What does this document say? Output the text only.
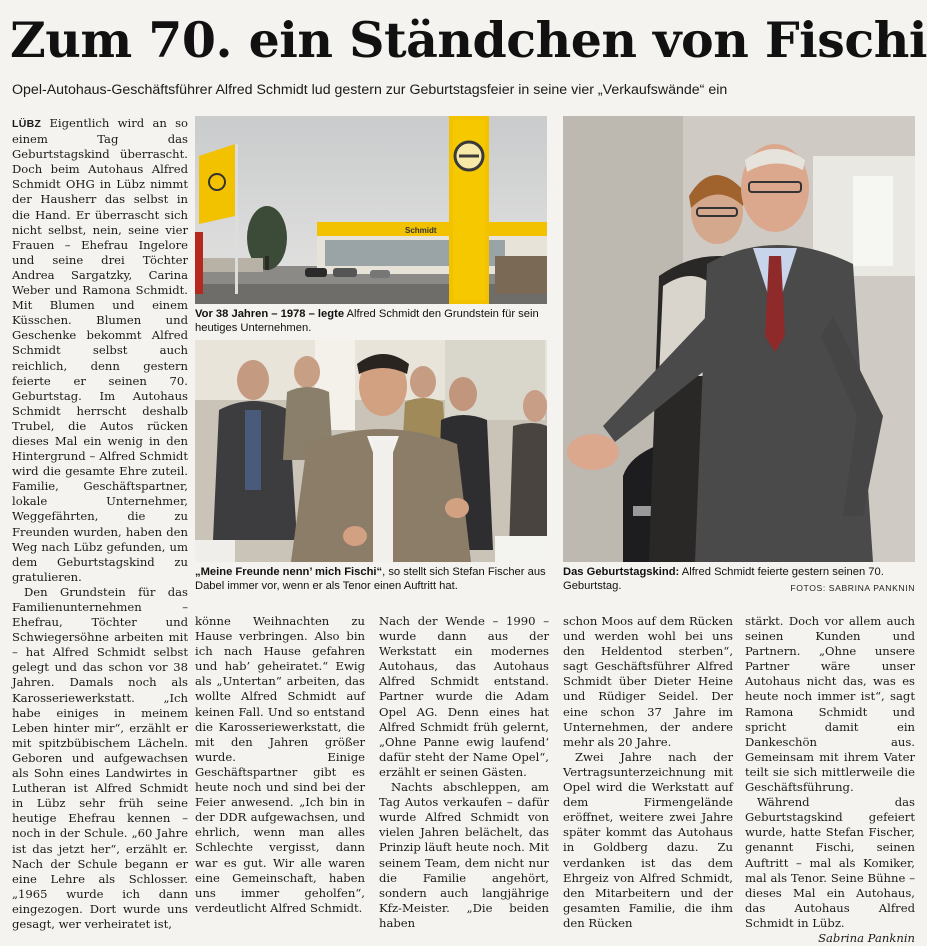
Zum 70. ein Ständchen von Fischi
Opel-Autohaus-Geschäftsführer Alfred Schmidt lud gestern zur Geburtstagsfeier in seine vier „Verkaufswände“ ein

LÜBZ Eigentlich wird an so einem Tag das Geburtstagskind überrascht. Doch beim Autohaus Alfred Schmidt OHG in Lübz nimmt der Hausherr das selbst in die Hand. Er überrascht sich nicht selbst, nein, seine vier Frauen – Ehefrau Ingelore und seine drei Töchter Andrea Sargatzky, Carina Weber und Ramona Schmidt. Mit Blumen und einem Küsschen. Blumen und Geschenke bekommt Alfred Schmidt selbst auch reichlich, denn gestern feierte er seinen 70. Geburtstag. Im Autohaus Schmidt herrscht deshalb Trubel, die Autos rücken dieses Mal ein wenig in den Hintergrund – Alfred Schmidt wird die gesamte Ehre zuteil. Familie, Geschäftspartner, lokale Unternehmer, Weggefährten, die zu Freunden wurden, haben den Weg nach Lübz gefunden, um dem Geburtstagskind zu gratulieren.

Den Grundstein für das Familienunternehmen – Ehefrau, Töchter und Schwiegersöhne arbeiten mit – hat Alfred Schmidt selbst gelegt und das schon vor 38 Jahren. Damals noch als Karosseriewerkstatt. „Ich habe einiges in meinem Leben hinter mir“, erzählt er mit spitzbübischem Lächeln. Geboren und aufgewachsen als Sohn eines Landwirtes in Lutheran ist Alfred Schmidt in Lübz sehr früh seine heutige Ehefrau kennen – noch in der Schule. „60 Jahre ist das jetzt her“, erzählt er. Nach der Schule begann er eine Lehre als Schlosser. „1965 wurde ich dann eingezogen. Dort wurde uns gesagt, wer verheiratet ist,

Schmidt
Vor 38 Jahren – 1978 – legte Alfred Schmidt den Grundstein für sein heutiges Unternehmen.
„Meine Freunde nenn’ mich Fischi“, so stellt sich Stefan Fischer aus Dabel immer vor, wenn er als Tenor einen Auftritt hat.
Das Geburtstagskind: Alfred Schmidt feierte gestern seinen 70. Geburtstag.	FOTOS: SABRINA PANKNIN

könne Weihnachten zu Hause verbringen. Also bin ich nach Hause gefahren und hab’ geheiratet.“ Ewig als „Untertan“ arbeiten, das wollte Alfred Schmidt auf keinen Fall. Und so entstand die Karosseriewerkstatt, die mit den Jahren größer wurde. Einige Geschäftspartner gibt es heute noch und sind bei der Feier anwesend. „Ich bin in der DDR aufgewachsen, und ehrlich, wenn man alles Schlechte vergisst, dann war es gut. Wir alle waren eine Gemeinschaft, haben uns immer geholfen“, verdeutlicht Alfred Schmidt.

Nach der Wende – 1990 – wurde dann aus der Werkstatt ein modernes Autohaus, das Autohaus Alfred Schmidt entstand. Partner wurde die Adam Opel AG. Denn eines hat Alfred Schmidt früh gelernt, „Ohne Panne ewig laufend‘ dafür steht der Name Opel“, erzählt er seinen Gästen.

Nachts abschleppen, am Tag Autos verkaufen – dafür wurde Alfred Schmidt von vielen Jahren belächelt, das Prinzip läuft heute noch. Mit seinem Team, dem nicht nur die Familie angehört, sondern auch langjährige Kfz-Meister. „Die beiden haben

schon Moos auf dem Rücken und werden wohl bei uns den Heldentod sterben“, sagt Geschäftsführer Alfred Schmidt über Dieter Heine und Rüdiger Seidel. Der eine schon 37 Jahre im Unternehmen, der andere mehr als 20 Jahre.

Zwei Jahre nach der Vertragsunterzeichnung mit Opel wird die Werkstatt auf dem Firmengelände eröffnet, weitere zwei Jahre später kommt das Autohaus in Goldberg dazu. Zu verdanken ist das dem Ehrgeiz von Alfred Schmidt, den Mitarbeitern und der gesamten Familie, die ihm den Rücken

stärkt. Doch vor allem auch seinen Kunden und Partnern. „Ohne unsere Partner wäre unser Autohaus nicht das, was es heute noch immer ist“, sagt Ramona Schmidt und spricht damit ein Dankeschön aus. Gemeinsam mit ihrem Vater teilt sie sich mittlerweile die Geschäftsführung.

Während das Geburtstagskind gefeiert wurde, hatte Stefan Fischer, genannt Fischi, seinen Auftritt – mal als Komiker, mal als Tenor. Seine Bühne – dieses Mal ein Autohaus, das Autohaus Alfred Schmidt in Lübz.

Sabrina Panknin
